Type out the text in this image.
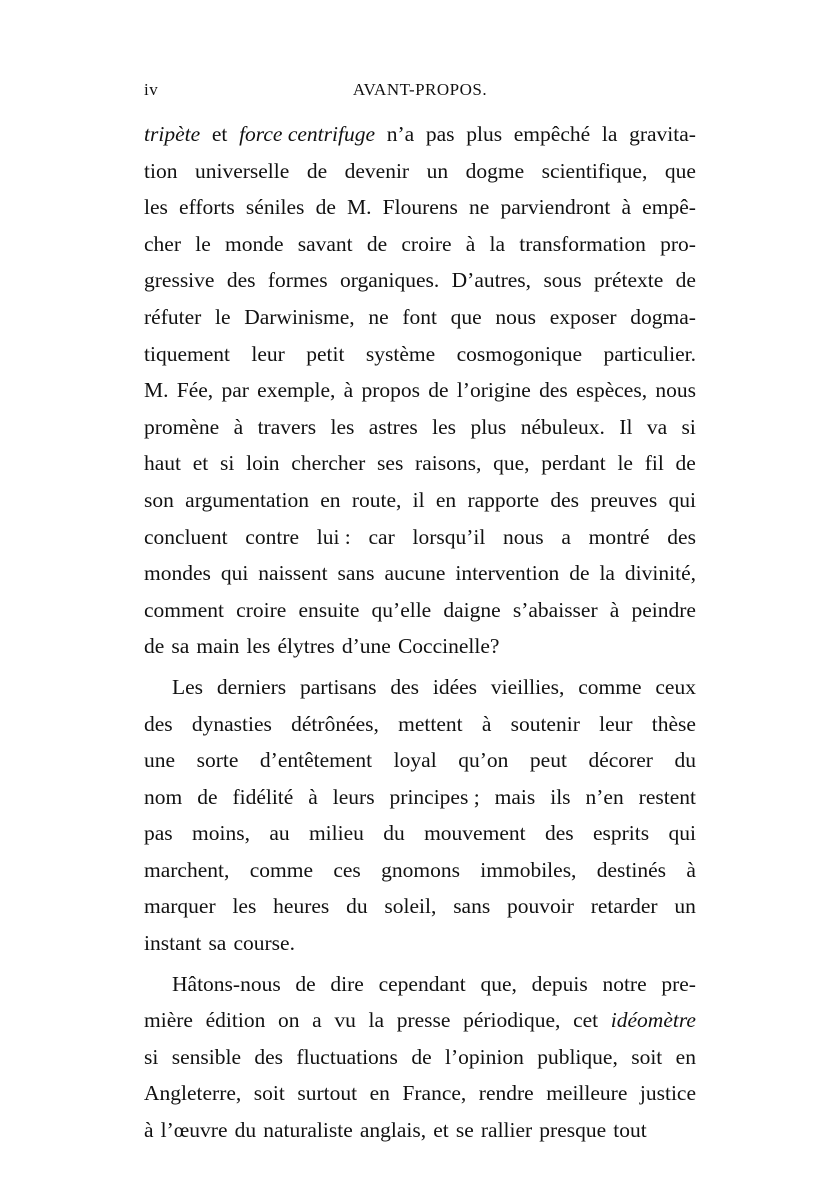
iv	AVANT-PROPOS.
tripète et force centrifuge n’a pas plus empêché la gravita-
tion universelle de devenir un dogme scientifique, que
les efforts séniles de M. Flourens ne parviendront à empê-
cher le monde savant de croire à la transformation pro-
gressive des formes organiques. D’autres, sous prétexte de
réfuter le Darwinisme, ne font que nous exposer dogma-
tiquement leur petit système cosmogonique particulier.
M. Fée, par exemple, à propos de l’origine des espèces, nous
promène à travers les astres les plus nébuleux. Il va si
haut et si loin chercher ses raisons, que, perdant le fil de
son argumentation en route, il en rapporte des preuves qui
concluent contre lui : car lorsqu’il nous a montré des
mondes qui naissent sans aucune intervention de la divinité,
comment croire ensuite qu’elle daigne s’abaisser à peindre
de sa main les élytres d’une Coccinelle?
Les derniers partisans des idées vieillies, comme ceux
des dynasties détrônées, mettent à soutenir leur thèse
une sorte d’entêtement loyal qu’on peut décorer du
nom de fidélité à leurs principes ; mais ils n’en restent
pas moins, au milieu du mouvement des esprits qui
marchent, comme ces gnomons immobiles, destinés à
marquer les heures du soleil, sans pouvoir retarder un
instant sa course.
Hâtons-nous de dire cependant que, depuis notre pre-
mière édition on a vu la presse périodique, cet idéomètre
si sensible des fluctuations de l’opinion publique, soit en
Angleterre, soit surtout en France, rendre meilleure justice
à l’œuvre du naturaliste anglais, et se rallier presque tout
